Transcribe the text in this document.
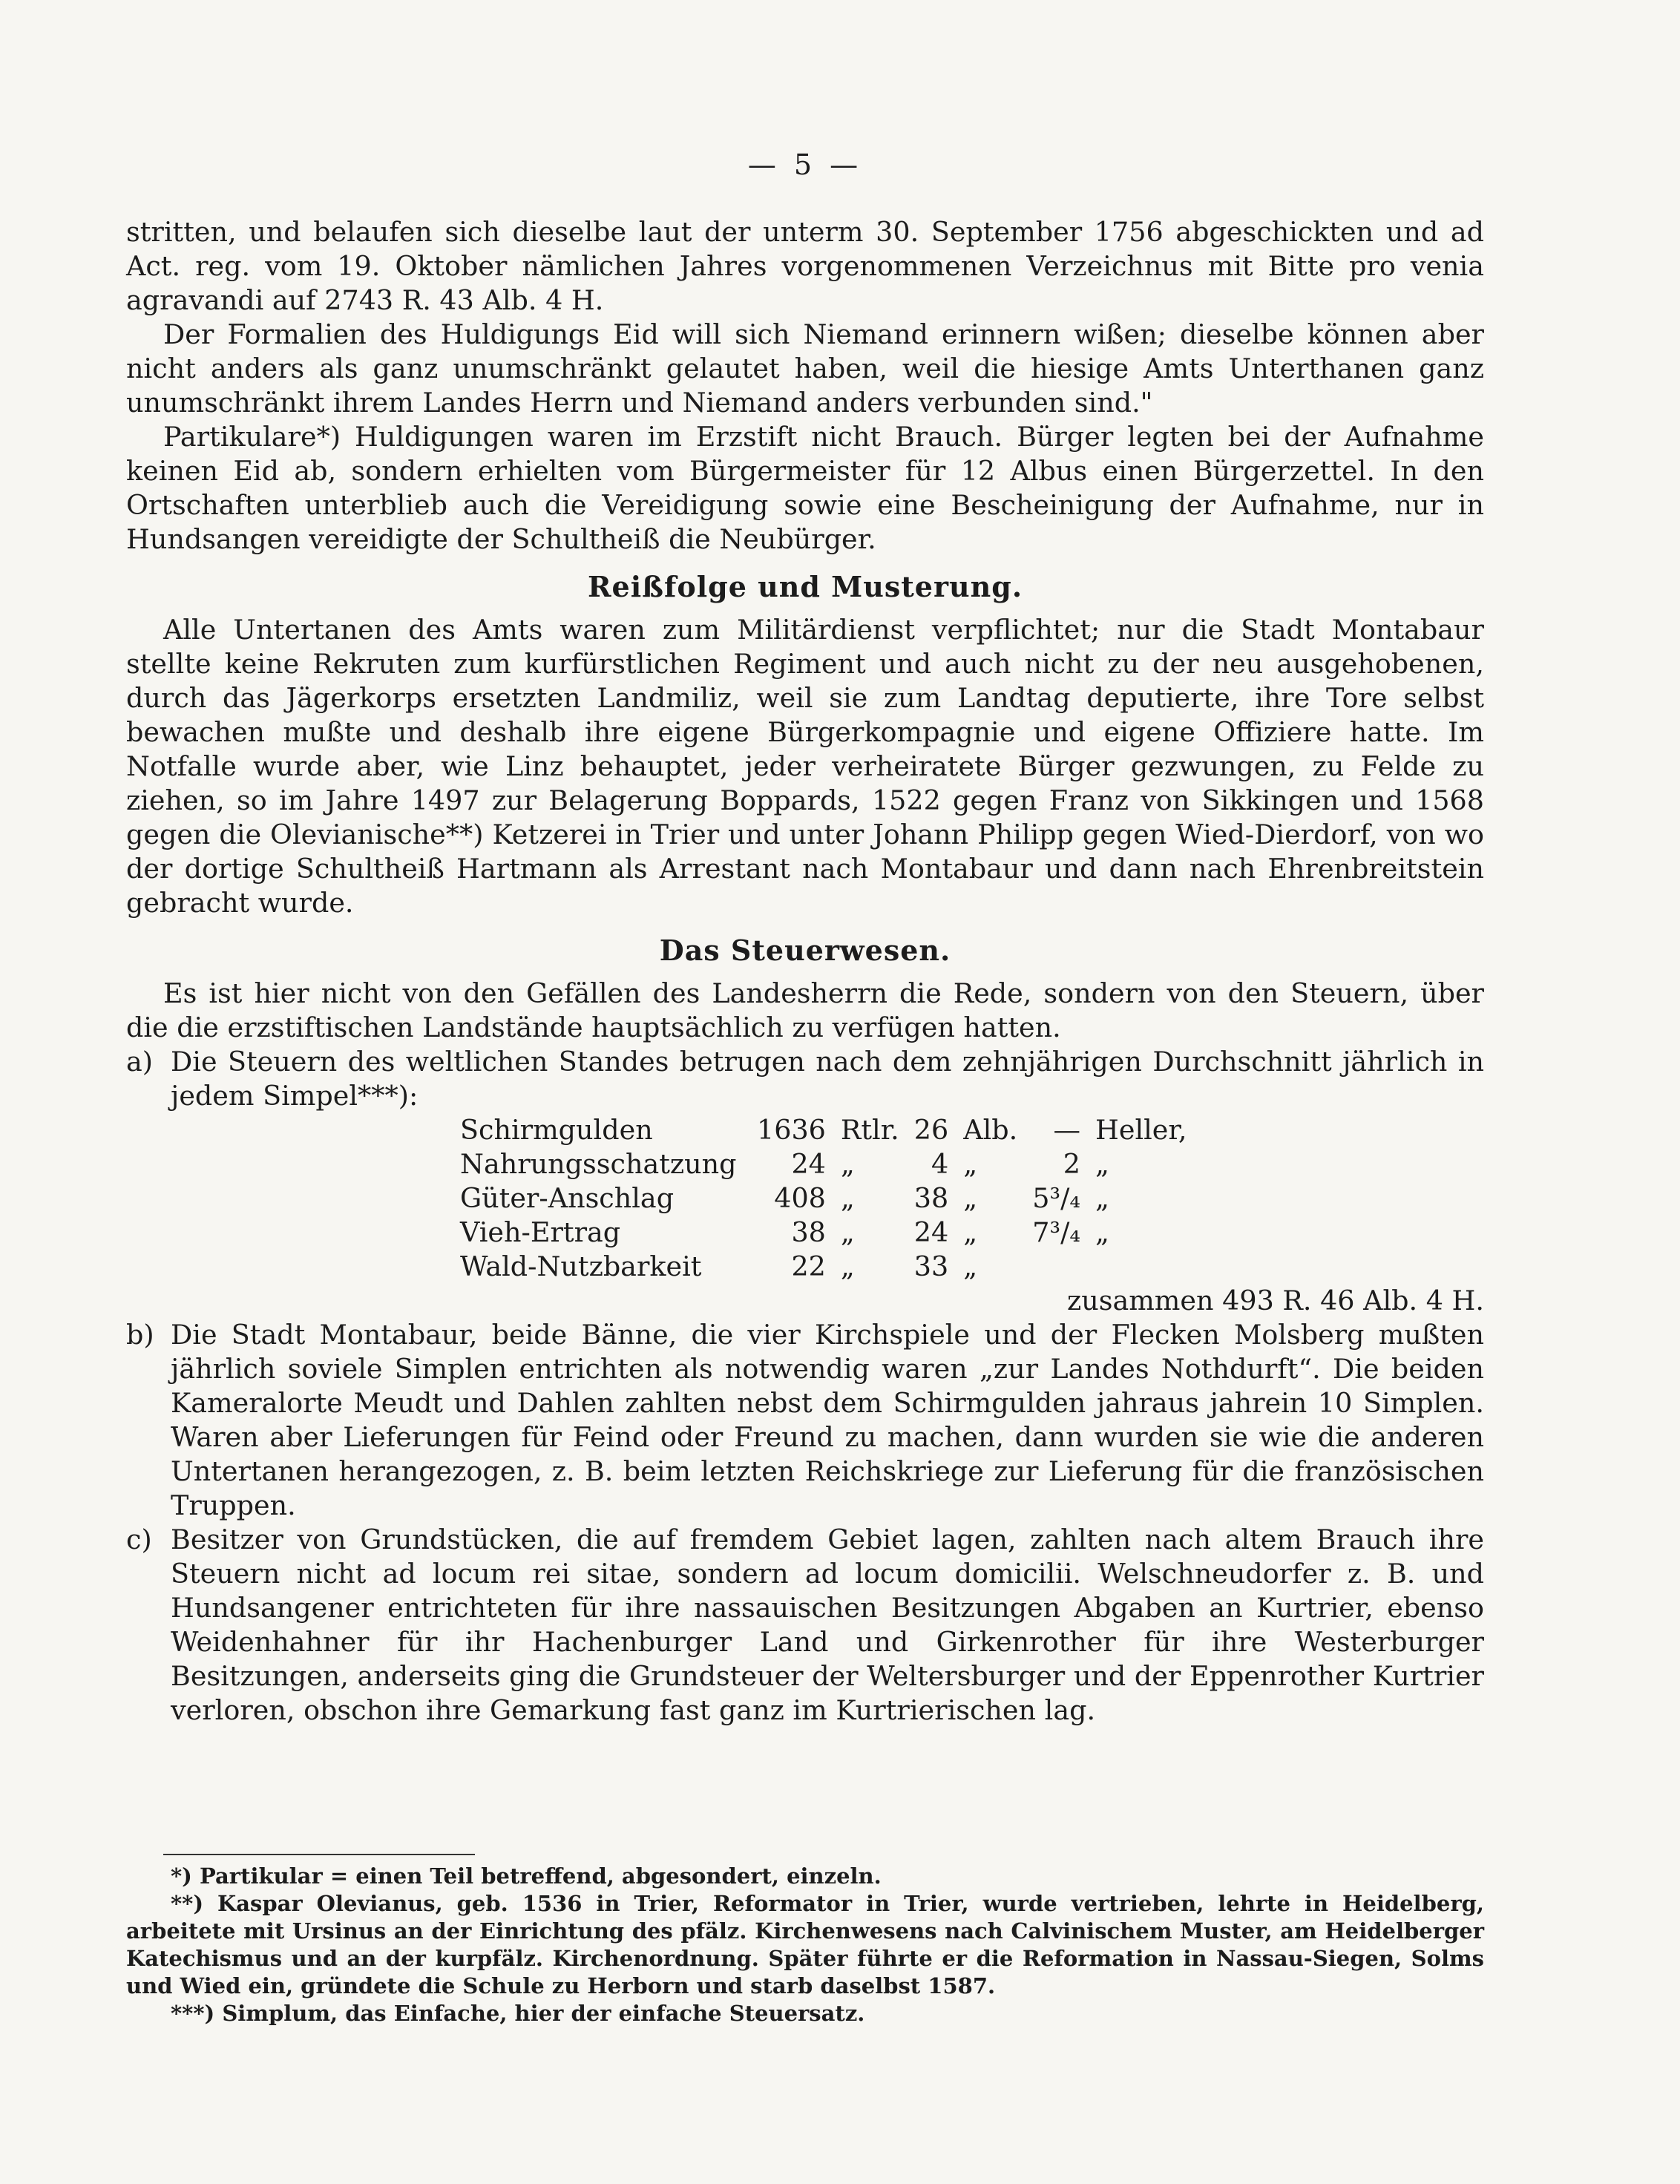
— 5 —

stritten, und belaufen sich dieselbe laut der unterm 30. September 1756 abgeschickten und ad Act. reg. vom 19. Oktober nämlichen Jahres vorgenommenen Verzeichnus mit Bitte pro venia agravandi auf 2743 R. 43 Alb. 4 H.

Der Formalien des Huldigungs Eid will sich Niemand erinnern wißen; dieselbe können aber nicht anders als ganz unumschränkt gelautet haben, weil die hiesige Amts Unterthanen ganz unumschränkt ihrem Landes Herrn und Niemand anders verbunden sind."

Partikulare*) Huldigungen waren im Erzstift nicht Brauch. Bürger legten bei der Aufnahme keinen Eid ab, sondern erhielten vom Bürgermeister für 12 Albus einen Bürgerzettel. In den Ortschaften unterblieb auch die Vereidigung sowie eine Bescheinigung der Aufnahme, nur in Hundsangen vereidigte der Schultheiß die Neubürger.

Reißfolge und Musterung.

Alle Untertanen des Amts waren zum Militärdienst verpflichtet; nur die Stadt Montabaur stellte keine Rekruten zum kurfürstlichen Regiment und auch nicht zu der neu ausgehobenen, durch das Jägerkorps ersetzten Landmiliz, weil sie zum Landtag deputierte, ihre Tore selbst bewachen mußte und deshalb ihre eigene Bürgerkompagnie und eigene Offiziere hatte. Im Notfalle wurde aber, wie Linz behauptet, jeder verheiratete Bürger gezwungen, zu Felde zu ziehen, so im Jahre 1497 zur Belagerung Boppards, 1522 gegen Franz von Sikkingen und 1568 gegen die Olevianische**) Ketzerei in Trier und unter Johann Philipp gegen Wied-Dierdorf, von wo der dortige Schultheiß Hartmann als Arrestant nach Montabaur und dann nach Ehrenbreitstein gebracht wurde.

Das Steuerwesen.

Es ist hier nicht von den Gefällen des Landesherrn die Rede, sondern von den Steuern, über die die erzstiftischen Landstände hauptsächlich zu verfügen hatten.

a) Die Steuern des weltlichen Standes betrugen nach dem zehnjährigen Durchschnitt jährlich in jedem Simpel***):
Schirmgulden	1636	Rtlr.	26	Alb.	—	Heller,
Nahrungsschatzung	24	„	4	„	2	„
Güter-Anschlag	408	„	38	„	5³/₄	„
Vieh-Ertrag	38	„	24	„	7³/₄	„
Wald-Nutzbarkeit	22	„	33	„		
zusammen 493 R. 46 Alb. 4 H.
b) Die Stadt Montabaur, beide Bänne, die vier Kirchspiele und der Flecken Molsberg mußten jährlich soviele Simplen entrichten als notwendig waren „zur Landes Nothdurft“. Die beiden Kameralorte Meudt und Dahlen zahlten nebst dem Schirmgulden jahraus jahrein 10 Simplen. Waren aber Lieferungen für Feind oder Freund zu machen, dann wurden sie wie die anderen Untertanen herangezogen, z. B. beim letzten Reichskriege zur Lieferung für die französischen Truppen.
c) Besitzer von Grundstücken, die auf fremdem Gebiet lagen, zahlten nach altem Brauch ihre Steuern nicht ad locum rei sitae, sondern ad locum domicilii. Welschneudorfer z. B. und Hundsangener entrichteten für ihre nassauischen Besitzungen Abgaben an Kurtrier, ebenso Weidenhahner für ihr Hachenburger Land und Girkenrother für ihre Westerburger Besitzungen, anderseits ging die Grundsteuer der Weltersburger und der Eppenrother Kurtrier verloren, obschon ihre Gemarkung fast ganz im Kurtrierischen lag.

*) Partikular = einen Teil betreffend, abgesondert, einzeln.

**) Kaspar Olevianus, geb. 1536 in Trier, Reformator in Trier, wurde vertrieben, lehrte in Heidelberg, arbeitete mit Ursinus an der Einrichtung des pfälz. Kirchenwesens nach Calvinischem Muster, am Heidelberger Katechismus und an der kurpfälz. Kirchenordnung. Später führte er die Reformation in Nassau-Siegen, Solms und Wied ein, gründete die Schule zu Herborn und starb daselbst 1587.

***) Simplum, das Einfache, hier der einfache Steuersatz.
